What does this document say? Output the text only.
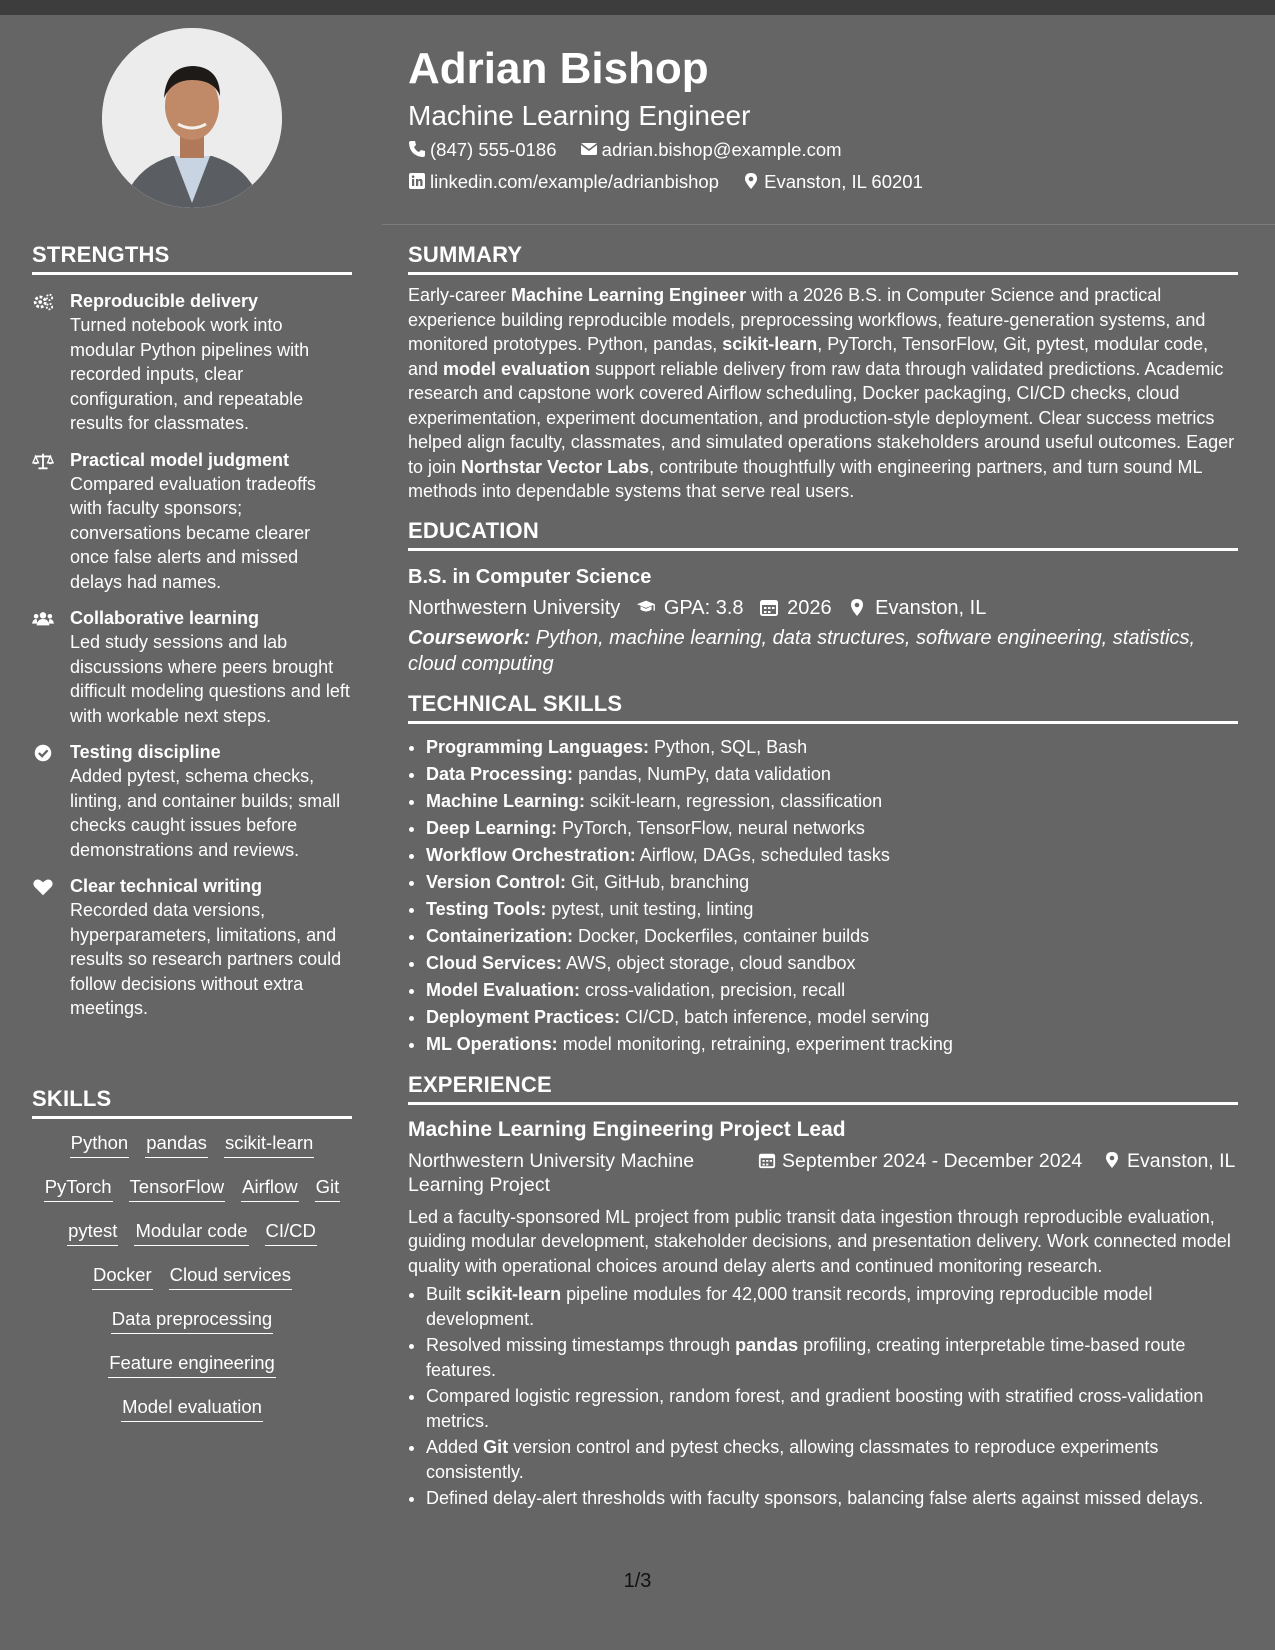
STRENGTHS
Reproducible delivery
Turned notebook work into modular Python pipelines with recorded inputs, clear configuration, and repeatable results for classmates.
Practical model judgment
Compared evaluation tradeoffs with faculty sponsors; conversations became clearer once false alerts and missed delays had names.
Collaborative learning
Led study sessions and lab discussions where peers brought difficult modeling questions and left with workable next steps.
Testing discipline
Added pytest, schema checks, linting, and container builds; small checks caught issues before demonstrations and reviews.
Clear technical writing
Recorded data versions, hyperparameters, limitations, and results so research partners could follow decisions without extra meetings.
SKILLS
Python pandas scikit-learn
PyTorch TensorFlow Airflow Git
pytest Modular code CI/CD
Docker Cloud services
Data preprocessing
Feature engineering
Model evaluation
Adrian Bishop
Machine Learning Engineer
(847) 555-0186 adrian.bishop@example.com
linkedin.com/example/adrianbishop Evanston, IL 60201
SUMMARY
Early-career Machine Learning Engineer with a 2026 B.S. in Computer Science and practical experience building reproducible models, preprocessing workflows, feature-generation systems, and monitored prototypes. Python, pandas, scikit-learn, PyTorch, TensorFlow, Git, pytest, modular code, and model evaluation support reliable delivery from raw data through validated predictions. Academic research and capstone work covered Airflow scheduling, Docker packaging, CI/CD checks, cloud experimentation, experiment documentation, and production-style deployment. Clear success metrics helped align faculty, classmates, and simulated operations stakeholders around useful outcomes. Eager to join Northstar Vector Labs, contribute thoughtfully with engineering partners, and turn sound ML methods into dependable systems that serve real users.
EDUCATION
B.S. in Computer Science
Northwestern University GPA: 3.8 2026 Evanston, IL
Coursework: Python, machine learning, data structures, software engineering, statistics, cloud computing
TECHNICAL SKILLS
• Programming Languages: Python, SQL, Bash
• Data Processing: pandas, NumPy, data validation
• Machine Learning: scikit-learn, regression, classification
• Deep Learning: PyTorch, TensorFlow, neural networks
• Workflow Orchestration: Airflow, DAGs, scheduled tasks
• Version Control: Git, GitHub, branching
• Testing Tools: pytest, unit testing, linting
• Containerization: Docker, Dockerfiles, container builds
• Cloud Services: AWS, object storage, cloud sandbox
• Model Evaluation: cross-validation, precision, recall
• Deployment Practices: CI/CD, batch inference, model serving
• ML Operations: model monitoring, retraining, experiment tracking
EXPERIENCE
Machine Learning Engineering Project Lead
Northwestern University Machine Learning Project
September 2024 - December 2024	Evanston, IL
Led a faculty-sponsored ML project from public transit data ingestion through reproducible evaluation, guiding modular development, stakeholder decisions, and presentation delivery. Work connected model quality with operational choices around delay alerts and continued monitoring research.
• Built scikit-learn pipeline modules for 42,000 transit records, improving reproducible model development.
• Resolved missing timestamps through pandas profiling, creating interpretable time-based route features.
• Compared logistic regression, random forest, and gradient boosting with stratified cross-validation metrics.
• Added Git version control and pytest checks, allowing classmates to reproduce experiments consistently.
• Defined delay-alert thresholds with faculty sponsors, balancing false alerts against missed delays.
1/3
